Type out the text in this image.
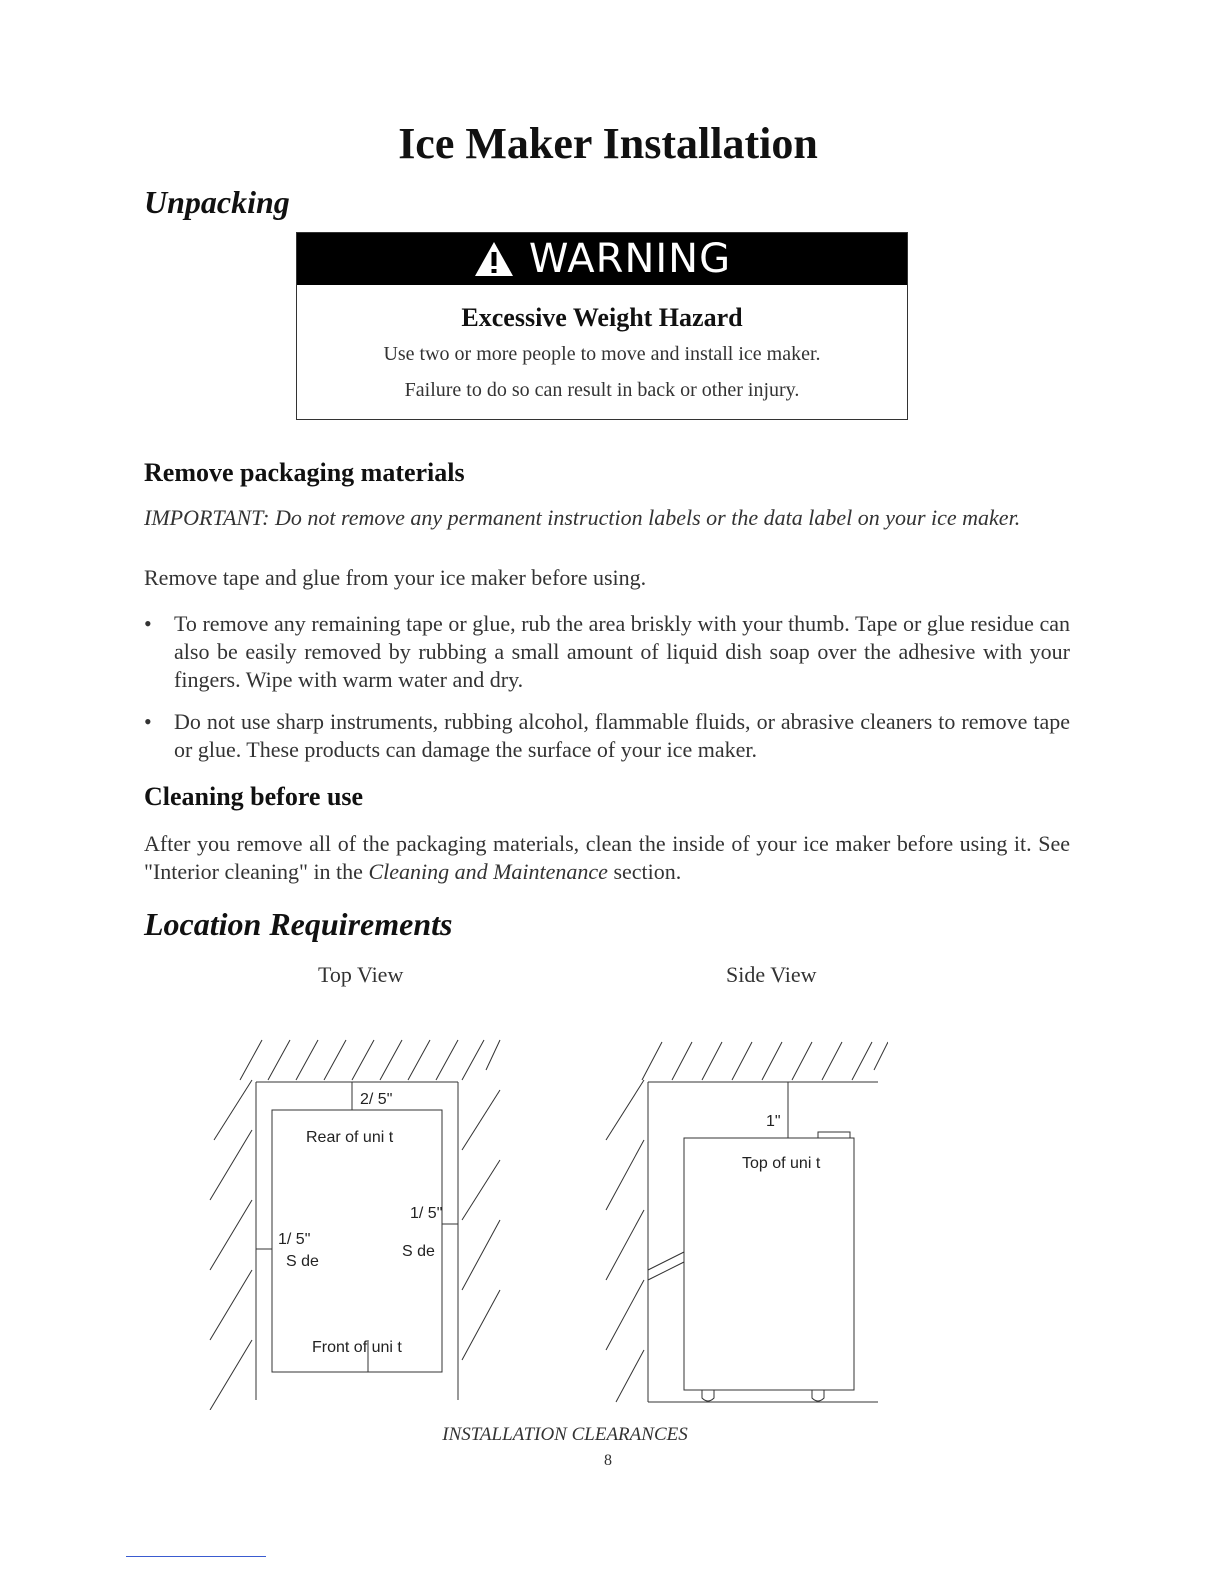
Ice Maker Installation
Unpacking
WARNING
Excessive Weight Hazard
Use two or more people to move and install ice maker.
Failure to do so can result in back or other injury.
Remove packaging materials
IMPORTANT: Do not remove any permanent instruction labels or the data label on your ice maker.
Remove tape and glue from your ice maker before using.
• To remove any remaining tape or glue, rub the area briskly with your thumb. Tape or glue residue can also be easily removed by rubbing a small amount of liquid dish soap over the adhesive with your fingers. Wipe with warm water and dry.
• Do not use sharp instruments, rubbing alcohol, flammable fluids, or abrasive cleaners to remove tape or glue. These products can damage the surface of your ice maker.
Cleaning before use
After you remove all of the packaging materials, clean the inside of your ice maker before using it. See "Interior cleaning" in the Cleaning and Maintenance section.
Location Requirements
Top View	Side View
2/ 5"
Rear of uni t
1/ 5"
S de
1/ 5"
S de
Front of uni t
1"
Top of uni t
INSTALLATION CLEARANCES
8
